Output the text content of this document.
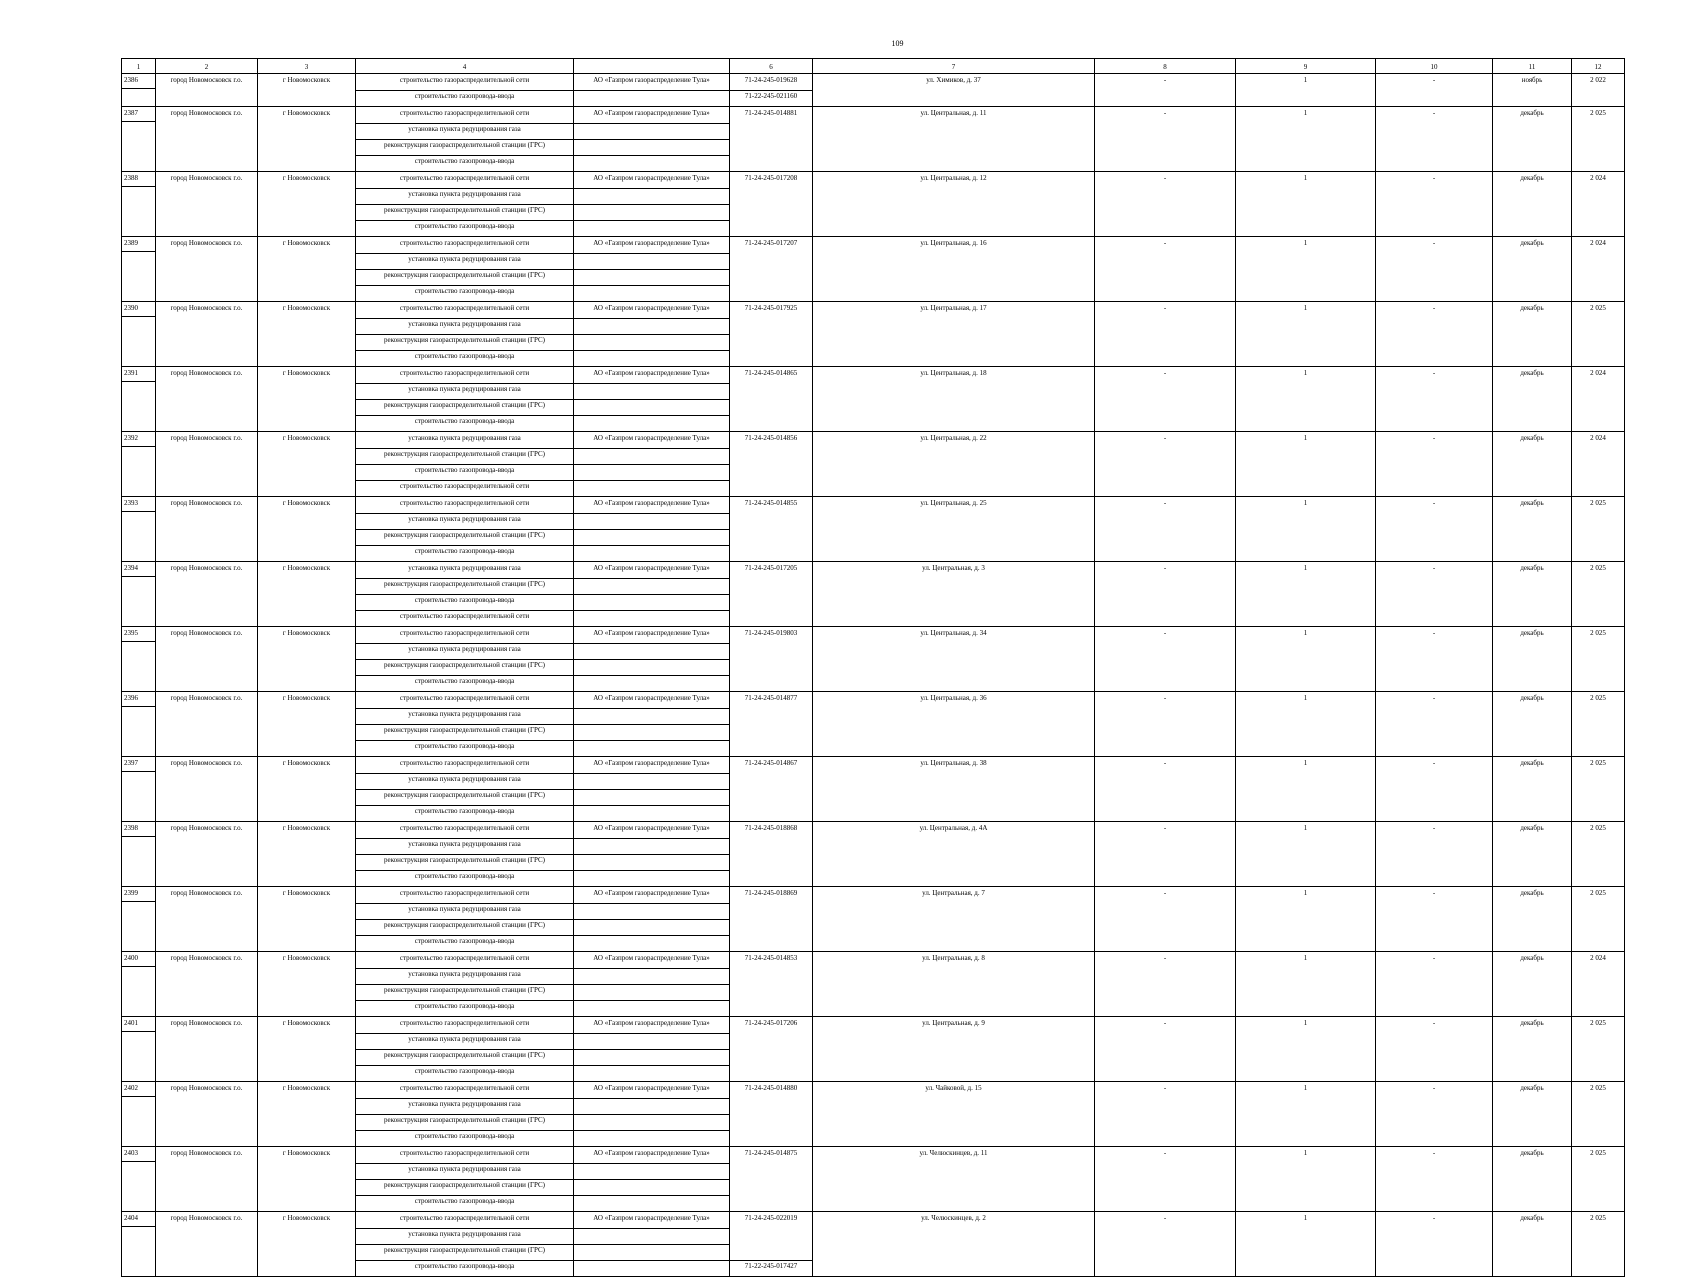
109
1	2	3	4		6	7	8	9	10	11	12
2386	город Новомосковск г.о.	г Новомосковск	строительство газораспределительной сети	АО «Газпром газораспределение Тула»	71-24-245-019628	ул. Химиков, д. 37	-	1	-	ноябрь	2 022
			строительство газопровода-ввода		71-22-245-021160						
2387	город Новомосковск г.о.	г Новомосковск	строительство газораспределительной сети	АО «Газпром газораспределение Тула»	71-24-245-014881	ул. Центральная, д. 11	-	1	-	декабрь	2 025
			установка пункта редуцирования газа								
			реконструкция газораспределительной станции (ГРС)								
			строительство газопровода-ввода								
2388	город Новомосковск г.о.	г Новомосковск	строительство газораспределительной сети	АО «Газпром газораспределение Тула»	71-24-245-017208	ул. Центральная, д. 12	-	1	-	декабрь	2 024
			установка пункта редуцирования газа								
			реконструкция газораспределительной станции (ГРС)								
			строительство газопровода-ввода								
2389	город Новомосковск г.о.	г Новомосковск	строительство газораспределительной сети	АО «Газпром газораспределение Тула»	71-24-245-017207	ул. Центральная, д. 16	-	1	-	декабрь	2 024
			установка пункта редуцирования газа								
			реконструкция газораспределительной станции (ГРС)								
			строительство газопровода-ввода								
2390	город Новомосковск г.о.	г Новомосковск	строительство газораспределительной сети	АО «Газпром газораспределение Тула»	71-24-245-017925	ул. Центральная, д. 17	-	1	-	декабрь	2 025
			установка пункта редуцирования газа								
			реконструкция газораспределительной станции (ГРС)								
			строительство газопровода-ввода								
2391	город Новомосковск г.о.	г Новомосковск	строительство газораспределительной сети	АО «Газпром газораспределение Тула»	71-24-245-014865	ул. Центральная, д. 18	-	1	-	декабрь	2 024
			установка пункта редуцирования газа								
			реконструкция газораспределительной станции (ГРС)								
			строительство газопровода-ввода								
2392	город Новомосковск г.о.	г Новомосковск	установка пункта редуцирования газа	АО «Газпром газораспределение Тула»	71-24-245-014856	ул. Центральная, д. 22	-	1	-	декабрь	2 024
			реконструкция газораспределительной станции (ГРС)								
			строительство газопровода-ввода								
			строительство газораспределительной сети								
2393	город Новомосковск г.о.	г Новомосковск	строительство газораспределительной сети	АО «Газпром газораспределение Тула»	71-24-245-014855	ул. Центральная, д. 25	-	1	-	декабрь	2 025
			установка пункта редуцирования газа								
			реконструкция газораспределительной станции (ГРС)								
			строительство газопровода-ввода								
2394	город Новомосковск г.о.	г Новомосковск	установка пункта редуцирования газа	АО «Газпром газораспределение Тула»	71-24-245-017205	ул. Центральная, д. 3	-	1	-	декабрь	2 025
			реконструкция газораспределительной станции (ГРС)								
			строительство газопровода-ввода								
			строительство газораспределительной сети								
2395	город Новомосковск г.о.	г Новомосковск	строительство газораспределительной сети	АО «Газпром газораспределение Тула»	71-24-245-019803	ул. Центральная, д. 34	-	1	-	декабрь	2 025
			установка пункта редуцирования газа								
			реконструкция газораспределительной станции (ГРС)								
			строительство газопровода-ввода								
2396	город Новомосковск г.о.	г Новомосковск	строительство газораспределительной сети	АО «Газпром газораспределение Тула»	71-24-245-014877	ул. Центральная, д. 36	-	1	-	декабрь	2 025
			установка пункта редуцирования газа								
			реконструкция газораспределительной станции (ГРС)								
			строительство газопровода-ввода								
2397	город Новомосковск г.о.	г Новомосковск	строительство газораспределительной сети	АО «Газпром газораспределение Тула»	71-24-245-014867	ул. Центральная, д. 38	-	1	-	декабрь	2 025
			установка пункта редуцирования газа								
			реконструкция газораспределительной станции (ГРС)								
			строительство газопровода-ввода								
2398	город Новомосковск г.о.	г Новомосковск	строительство газораспределительной сети	АО «Газпром газораспределение Тула»	71-24-245-018868	ул. Центральная, д. 4А	-	1	-	декабрь	2 025
			установка пункта редуцирования газа								
			реконструкция газораспределительной станции (ГРС)								
			строительство газопровода-ввода								
2399	город Новомосковск г.о.	г Новомосковск	строительство газораспределительной сети	АО «Газпром газораспределение Тула»	71-24-245-018869	ул. Центральная, д. 7	-	1	-	декабрь	2 025
			установка пункта редуцирования газа								
			реконструкция газораспределительной станции (ГРС)								
			строительство газопровода-ввода								
2400	город Новомосковск г.о.	г Новомосковск	строительство газораспределительной сети	АО «Газпром газораспределение Тула»	71-24-245-014853	ул. Центральная, д. 8	-	1	-	декабрь	2 024
			установка пункта редуцирования газа								
			реконструкция газораспределительной станции (ГРС)								
			строительство газопровода-ввода								
2401	город Новомосковск г.о.	г Новомосковск	строительство газораспределительной сети	АО «Газпром газораспределение Тула»	71-24-245-017206	ул. Центральная, д. 9	-	1	-	декабрь	2 025
			установка пункта редуцирования газа								
			реконструкция газораспределительной станции (ГРС)								
			строительство газопровода-ввода								
2402	город Новомосковск г.о.	г Новомосковск	строительство газораспределительной сети	АО «Газпром газораспределение Тула»	71-24-245-014880	ул. Чайковой, д. 15	-	1	-	декабрь	2 025
			установка пункта редуцирования газа								
			реконструкция газораспределительной станции (ГРС)								
			строительство газопровода-ввода								
2403	город Новомосковск г.о.	г Новомосковск	строительство газораспределительной сети	АО «Газпром газораспределение Тула»	71-24-245-014875	ул. Челюскинцев, д. 11	-	1	-	декабрь	2 025
			установка пункта редуцирования газа								
			реконструкция газораспределительной станции (ГРС)								
			строительство газопровода-ввода								
2404	город Новомосковск г.о.	г Новомосковск	строительство газораспределительной сети	АО «Газпром газораспределение Тула»	71-24-245-022019	ул. Челюскинцев, д. 2	-	1	-	декабрь	2 025
			установка пункта редуцирования газа								
			реконструкция газораспределительной станции (ГРС)								
			строительство газопровода-ввода		71-22-245-017427						
